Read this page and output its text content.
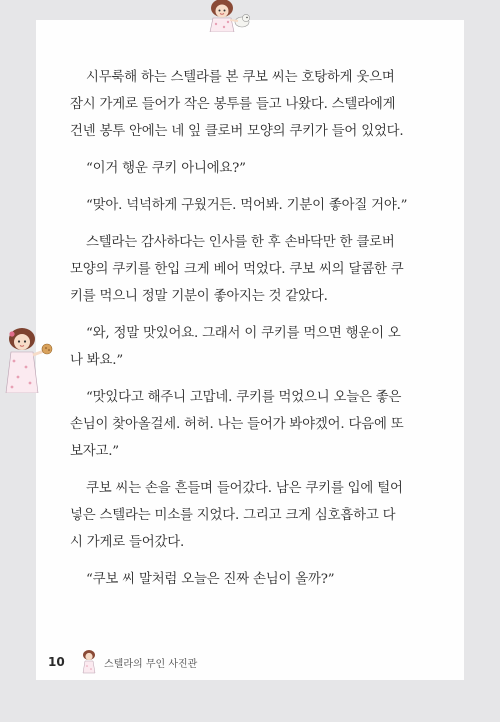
시무룩해 하는 스텔라를 본 쿠보 씨는 호탕하게 웃으며
잠시 가게로 들어가 작은 봉투를 들고 나왔다. 스텔라에게
건넨 봉투 안에는 네 잎 클로버 모양의 쿠키가 들어 있었다.

“이거 행운 쿠키 아니에요?”

“맞아. 넉넉하게 구웠거든. 먹어봐. 기분이 좋아질 거야.”

스텔라는 감사하다는 인사를 한 후 손바닥만 한 클로버
모양의 쿠키를 한입 크게 베어 먹었다. 쿠보 씨의 달콤한 쿠
키를 먹으니 정말 기분이 좋아지는 것 같았다.

“와, 정말 맛있어요. 그래서 이 쿠키를 먹으면 행운이 오
나 봐요.”

“맛있다고 해주니 고맙네. 쿠키를 먹었으니 오늘은 좋은
손님이 찾아올걸세. 허허. 나는 들어가 봐야겠어. 다음에 또
보자고.”

쿠보 씨는 손을 흔들며 들어갔다. 남은 쿠키를 입에 털어
넣은 스텔라는 미소를 지었다. 그리고 크게 심호흡하고 다
시 가게로 들어갔다.

“쿠보 씨 말처럼 오늘은 진짜 손님이 올까?”

10	스텔라의 무인 사진관
